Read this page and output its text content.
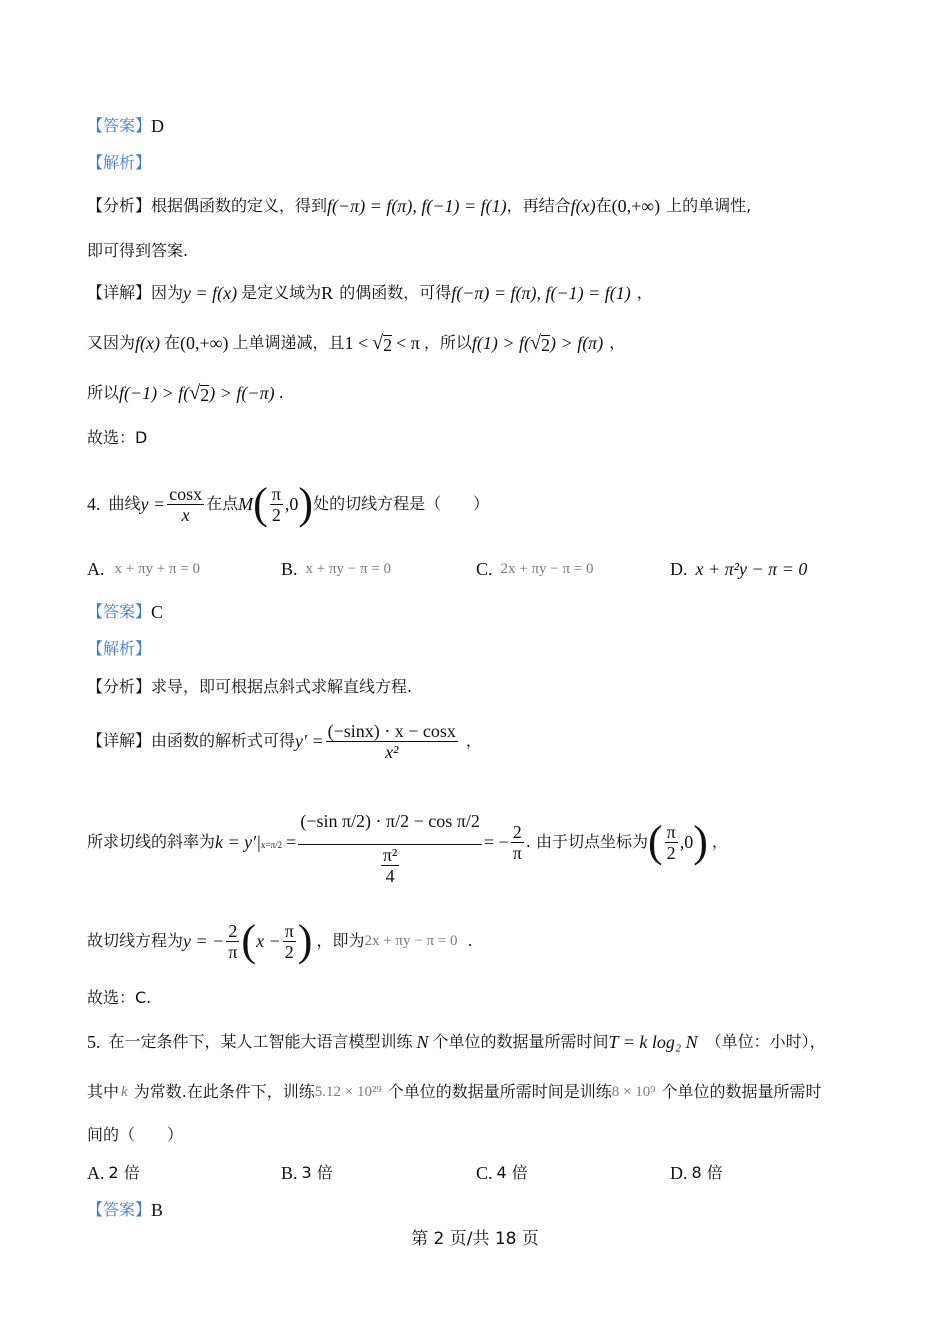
【答案】 D
【解析】
【分析】 根据偶函数的定义，得到 f(−π) = f(π), f(−1) = f(1) ，再结合 f(x) 在 (0,+∞) 上的单调性,
即可得到答案.
【详解】 因为 y = f(x) 是定义域为 R 的偶函数，可得 f(−π) = f(π), f(−1) = f(1) ，
又因为 f(x) 在 (0,+∞) 上单调递减，且 1 < √ 2 < π ，所以 f(1) > f( √ 2 ) > f(π) ，
所以 f(−1) > f( √ 2 ) > f(−π) .
故选：D
4. 曲线 $y = \frac{\cos x}{x}$ 在点 M ( $\frac{\pi}{2} ,0$ ) 处的切线方程是（　　）
A. x + πy + π = 0	B. x + πy − π = 0	C. 2x + πy − π = 0	D. x + π²y − π = 0
【答案】 C
【解析】
【分析】 求导，即可根据点斜式求解直线方程.
【详解】 由函数的解析式可得 $y' = \frac{(-\sin x) \cdot x - \cos x}{\text{x²}}$ ，
所求切线的斜率为 k = y′| $x=\pi/2 = \frac{\text{(−sin π/2) · π/2 − cos π/2}}{\frac{\text{π²}}{4}}$ = − $\frac{2}{\pi}$ . 由于切点坐标为 ( $\frac{\pi}{2} ,0$ ) ，
故切线方程为 y = − $\frac{2}{\pi}$ ( $x - \frac{\pi}{2}$ ) ，即为 2x + πy − π = 0 .
故选：C.
5. 在一定条件下，某人工智能大语言模型训练 N 个单位的数据量所需时间 T = k log₂ N （单位：小时），
其中 k 为常数.在此条件下，训练 5.12 × 10²⁹ 个单位的数据量所需时间是训练 8 × 10⁹ 个单位的数据量所需时
间的（　　）
A. 2 倍	B. 3 倍	C. 4 倍	D. 8 倍
【答案】 B
第 2 页/共 18 页
